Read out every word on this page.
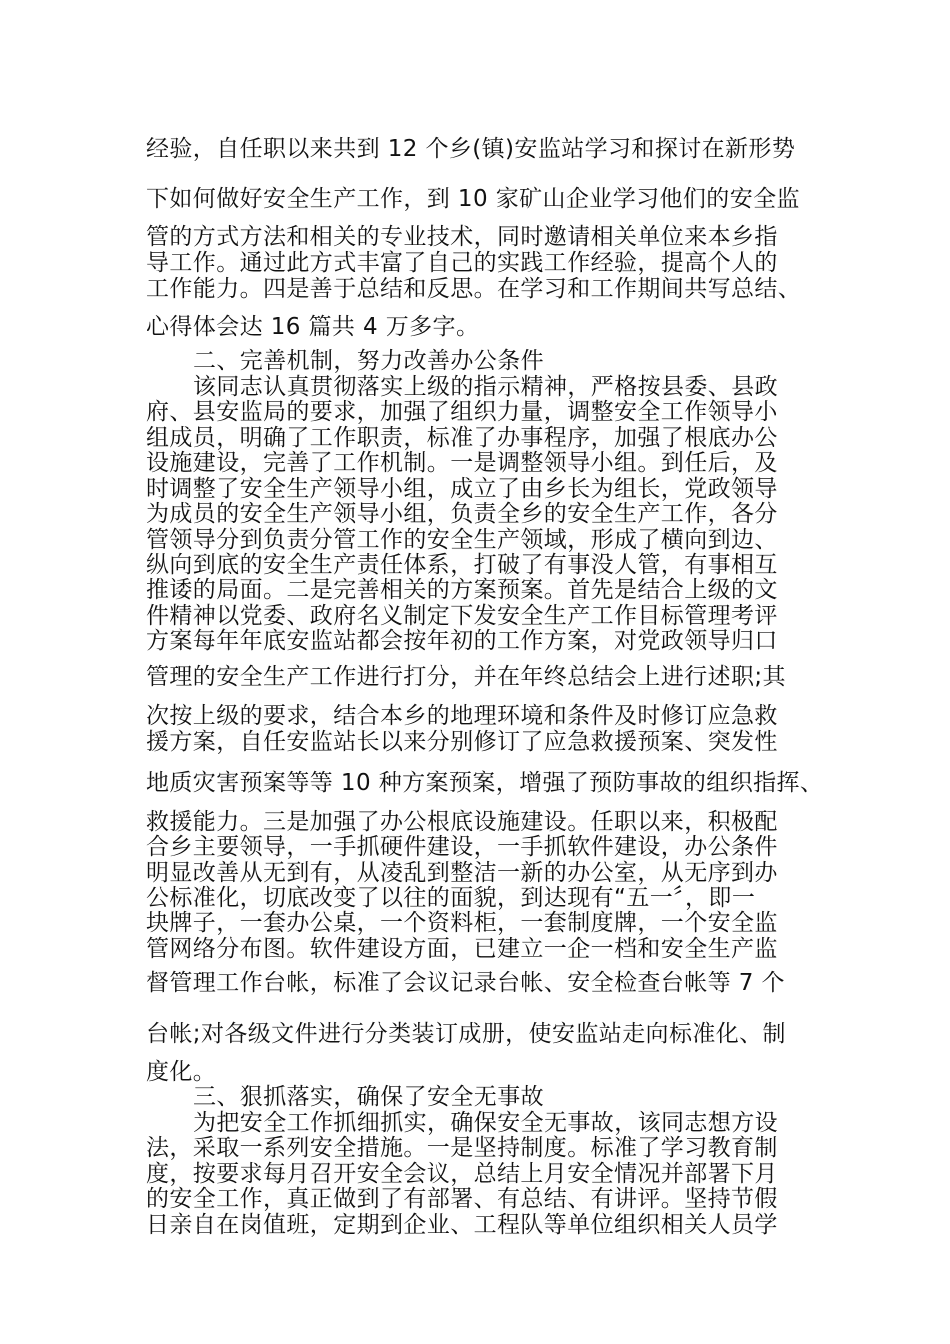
经验，自任职以来共到 12 个乡(镇)安监站学习和探讨在新形势
下如何做好安全生产工作，到 10 家矿山企业学习他们的安全监
管的方式方法和相关的专业技术，同时邀请相关单位来本乡指
导工作。通过此方式丰富了自己的实践工作经验，提高个人的
工作能力。四是善于总结和反思。在学习和工作期间共写总结、
心得体会达 16 篇共 4 万多字。
二、完善机制，努力改善办公条件
该同志认真贯彻落实上级的指示精神，严格按县委、县政
府、县安监局的要求，加强了组织力量，调整安全工作领导小
组成员，明确了工作职责，标准了办事程序，加强了根底办公
设施建设，完善了工作机制。一是调整领导小组。到任后，及
时调整了安全生产领导小组，成立了由乡长为组长，党政领导
为成员的安全生产领导小组，负责全乡的安全生产工作，各分
管领导分到负责分管工作的安全生产领域，形成了横向到边、
纵向到底的安全生产责任体系，打破了有事没人管，有事相互
推诿的局面。二是完善相关的方案预案。首先是结合上级的文
件精神以党委、政府名义制定下发安全生产工作目标管理考评
方案每年年底安监站都会按年初的工作方案，对党政领导归口
管理的安全生产工作进行打分，并在年终总结会上进行述职;其
次按上级的要求，结合本乡的地理环境和条件及时修订应急救
援方案，自任安监站长以来分别修订了应急救援预案、突发性
地质灾害预案等等 10 种方案预案，增强了预防事故的组织指挥、
救援能力。三是加强了办公根底设施建设。任职以来，积极配
合乡主要领导，一手抓硬件建设，一手抓软件建设，办公条件
明显改善从无到有，从凌乱到整洁一新的办公室，从无序到办
公标准化，切底改变了以往的面貌，到达现有“五一〞，即一
块牌子，一套办公桌，一个资料柜，一套制度牌，一个安全监
管网络分布图。软件建设方面，已建立一企一档和安全生产监
督管理工作台帐，标准了会议记录台帐、安全检查台帐等 7 个
台帐;对各级文件进行分类装订成册，使安监站走向标准化、制
度化。
三、狠抓落实，确保了安全无事故
为把安全工作抓细抓实，确保安全无事故，该同志想方设
法，采取一系列安全措施。一是坚持制度。标准了学习教育制
度，按要求每月召开安全会议，总结上月安全情况并部署下月
的安全工作，真正做到了有部署、有总结、有讲评。坚持节假
日亲自在岗值班，定期到企业、工程队等单位组织相关人员学
